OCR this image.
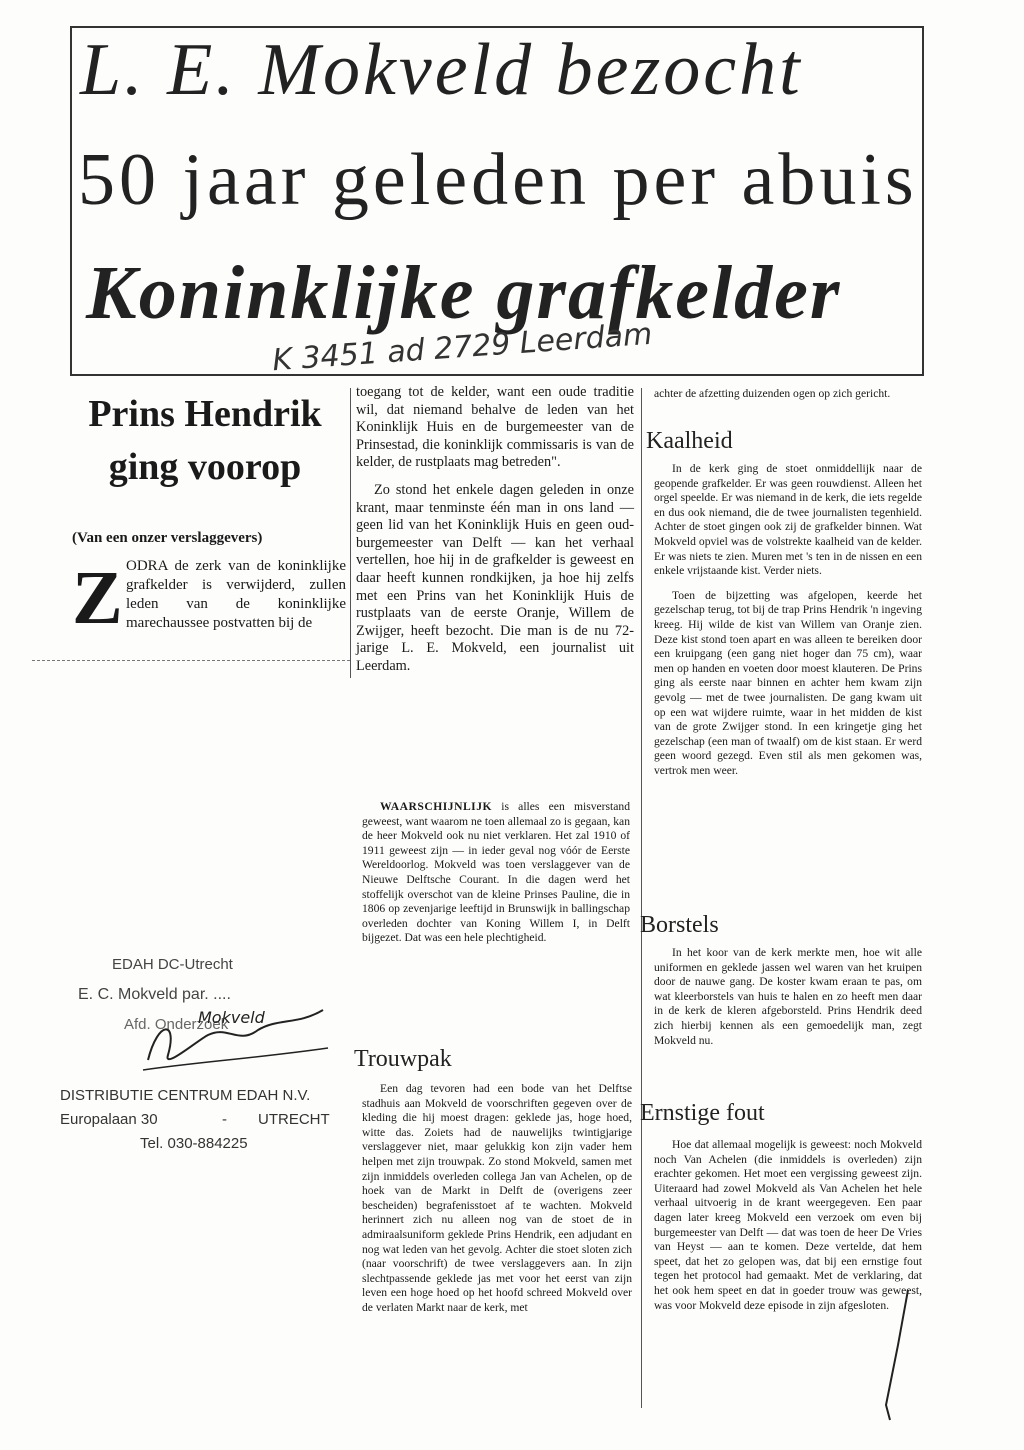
L. E. Mokveld bezocht
50 jaar geleden per abuis
Koninklijke grafkelder
K 3451 ad 2729 Leerdam
Prins Hendrik
ging voorop
(Van een onzer verslaggevers)
Z ODRA de zerk van de koninklijke grafkelder is verwijderd, zullen leden van de koninklijke marechaussee postvatten bij de

toegang tot de kelder, want een oude traditie wil, dat niemand behalve de leden van het Koninklijk Huis en de burgemeester van de Prinsestad, die koninklijk commissaris is van de kelder, de rustplaats mag betreden".

Zo stond het enkele dagen geleden in onze krant, maar tenminste één man in ons land — geen lid van het Koninklijk Huis en geen oud-burgemeester van Delft — kan het verhaal vertellen, hoe hij in de grafkelder is geweest en daar heeft kunnen rondkijken, ja hoe hij zelfs met een Prins van het Koninklijk Huis de rustplaats van de eerste Oranje, Willem de Zwijger, heeft bezocht. Die man is de nu 72-jarige L. E. Mokveld, een journalist uit Leerdam.

WAARSCHIJNLIJK is alles een misverstand geweest, want waarom ne toen allemaal zo is gegaan, kan de heer Mokveld ook nu niet verklaren. Het zal 1910 of 1911 geweest zijn — in ieder geval nog vóór de Eerste Wereldoorlog. Mokveld was toen verslaggever van de Nieuwe Delftsche Courant. In die dagen werd het stoffelijk overschot van de kleine Prinses Pauline, die in 1806 op zevenjarige leeftijd in Brunswijk in ballingschap overleden dochter van Koning Willem I, in Delft bijgezet. Dat was een hele plechtigheid.

Trouwpak

Een dag tevoren had een bode van het Delftse stadhuis aan Mokveld de voorschriften gegeven over de kleding die hij moest dragen: geklede jas, hoge hoed, witte das. Zoiets had de nauwelijks twintigjarige verslaggever niet, maar gelukkig kon zijn vader hem helpen met zijn trouwpak. Zo stond Mokveld, samen met zijn inmiddels overleden collega Jan van Achelen, op de hoek van de Markt in Delft de (overigens zeer bescheiden) begrafenisstoet af te wachten. Mokveld herinnert zich nu alleen nog van de stoet de in admiraalsuniform geklede Prins Hendrik, een adjudant en nog wat leden van het gevolg. Achter die stoet sloten zich (naar voorschrift) de twee verslaggevers aan. In zijn slechtpassende geklede jas met voor het eerst van zijn leven een hoge hoed op het hoofd schreed Mokveld over de verlaten Markt naar de kerk, met

achter de afzetting duizenden ogen op zich gericht.

Kaalheid

In de kerk ging de stoet onmiddellijk naar de geopende grafkelder. Er was geen rouwdienst. Alleen het orgel speelde. Er was niemand in de kerk, die iets regelde en dus ook niemand, die de twee journalisten tegenhield. Achter de stoet gingen ook zij de grafkelder binnen. Wat Mokveld opviel was de volstrekte kaalheid van de kelder. Er was niets te zien. Muren met 's ten in de nissen en een enkele vrijstaande kist. Verder niets.

Toen de bijzetting was afgelopen, keerde het gezelschap terug, tot bij de trap Prins Hendrik 'n ingeving kreeg. Hij wilde de kist van Willem van Oranje zien. Deze kist stond toen apart en was alleen te bereiken door een kruipgang (een gang niet hoger dan 75 cm), waar men op handen en voeten door moest klauteren. De Prins ging als eerste naar binnen en achter hem kwam zijn gevolg — met de twee journalisten. De gang kwam uit op een wat wijdere ruimte, waar in het midden de kist van de grote Zwijger stond. In een kringetje ging het gezelschap (een man of twaalf) om de kist staan. Er werd geen woord gezegd. Even stil als men gekomen was, vertrok men weer.

Borstels

In het koor van de kerk merkte men, hoe wit alle uniformen en geklede jassen wel waren van het kruipen door de nauwe gang. De koster kwam eraan te pas, om wat kleerborstels van huis te halen en zo heeft men daar in de kerk de kleren afgeborsteld. Prins Hendrik deed zich hierbij kennen als een gemoedelijk man, zegt Mokveld nu.

Ernstige fout

Hoe dat allemaal mogelijk is geweest: noch Mokveld noch Van Achelen (die inmiddels is overleden) zijn erachter gekomen. Het moet een vergissing geweest zijn. Uiteraard had zowel Mokveld als Van Achelen het hele verhaal uitvoerig in de krant weergegeven. Een paar dagen later kreeg Mokveld een verzoek om even bij burgemeester van Delft — dat was toen de heer De Vries van Heyst — aan te komen. Deze vertelde, dat hem speet, dat het zo gelopen was, dat bij een ernstige fout tegen het protocol had gemaakt. Met de verklaring, dat het ook hem speet en dat in goeder trouw was geweest, was voor Mokveld deze episode in zijn afgesloten.

EDAH DC-Utrecht
E. C. Mokveld par. ....
Afd. Onderzoek
Mokveld
DISTRIBUTIE CENTRUM EDAH N.V.
Europalaan 30	- UTRECHT
Tel. 030-884225
